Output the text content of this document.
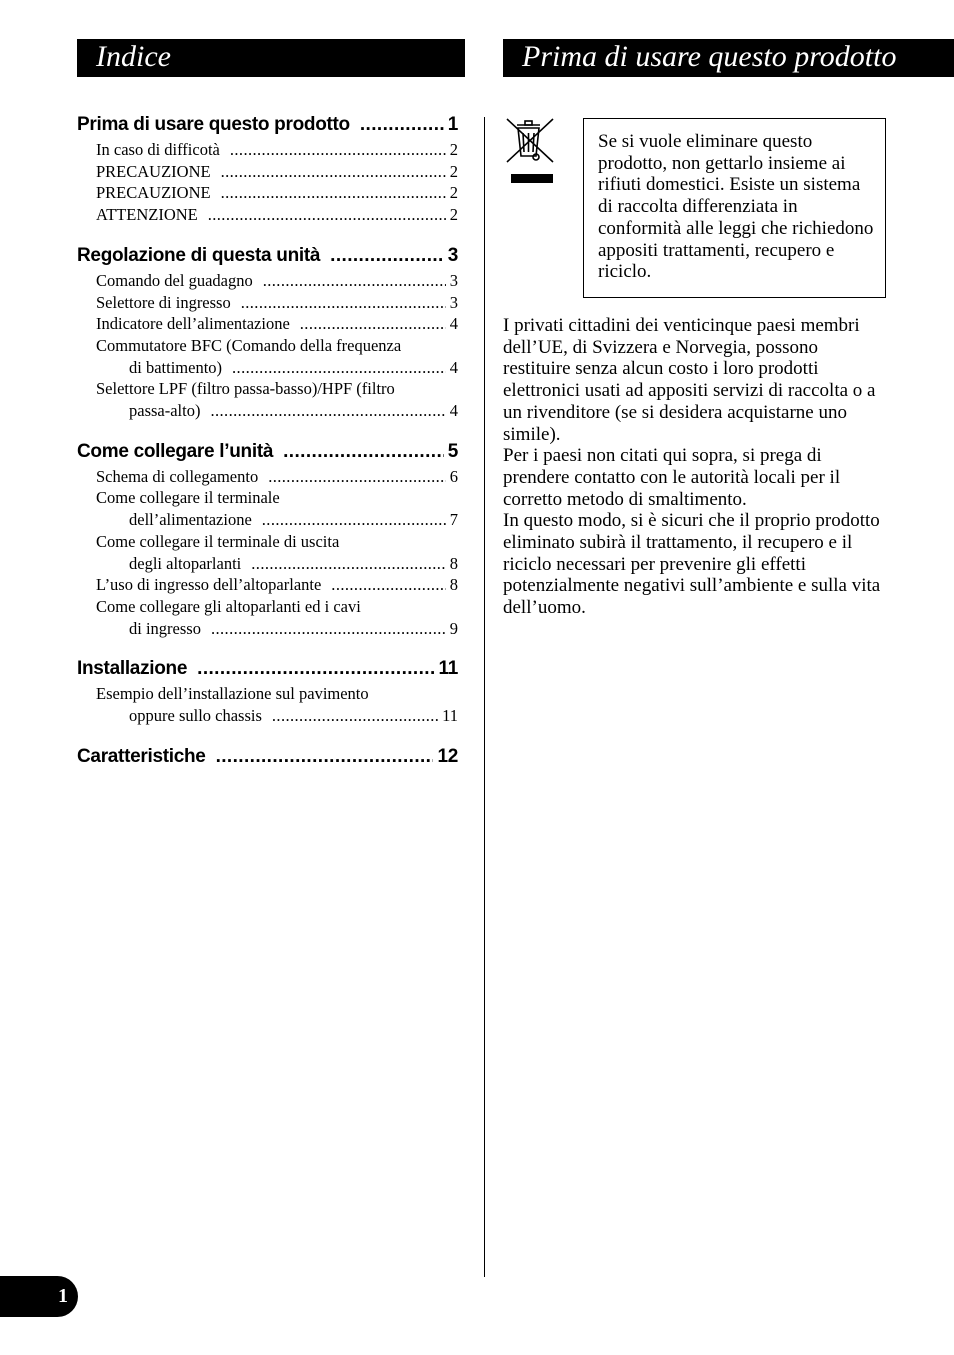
Indice	Prima di usare questo prodotto
Prima di usare questo prodotto .....	1
In caso di difficotà .....	2
PRECAUZIONE .....	2
PRECAUZIONE .....	2
ATTENZIONE .....	2
Regolazione di questa unità .....	3
Comando del guadagno .....	3
Selettore di ingresso .....	3
Indicatore dell’alimentazione .....	4
Commutatore BFC (Comando della frequenza
di battimento) .....	4
Selettore LPF (filtro passa-basso)/HPF (filtro
passa-alto) .....	4
Come collegare l’unità .....	5
Schema di collegamento .....	6
Come collegare il terminale
dell’alimentazione .....	7
Come collegare il terminale di uscita
degli altoparlanti .....	8
L’uso di ingresso dell’altoparlante .....	8
Come collegare gli altoparlanti ed i cavi
di ingresso .....	9
Installazione .....	11
Esempio dell’installazione sul pavimento
oppure sullo chassis .....	11
Caratteristiche .....	12

Se si vuole eliminare questo prodotto, non gettarlo insieme ai rifiuti domestici. Esiste un sistema di raccolta differenziata in conformità alle leggi che richiedono appositi trattamenti, recupero e riciclo.

I privati cittadini dei venticinque paesi membri dell’UE, di Svizzera e Norvegia, possono restituire senza alcun costo i loro prodotti elettronici usati ad appositi servizi di raccolta o a un rivenditore (se si desidera acquistarne uno simile).

Per i paesi non citati qui sopra, si prega di prendere contatto con le autorità locali per il corretto metodo di smaltimento.

In questo modo, si è sicuri che il proprio prodotto eliminato subirà il trattamento, il recupero e il riciclo necessari per prevenire gli effetti potenzialmente negativi sull’ambiente e sulla vita dell’uomo.

1
